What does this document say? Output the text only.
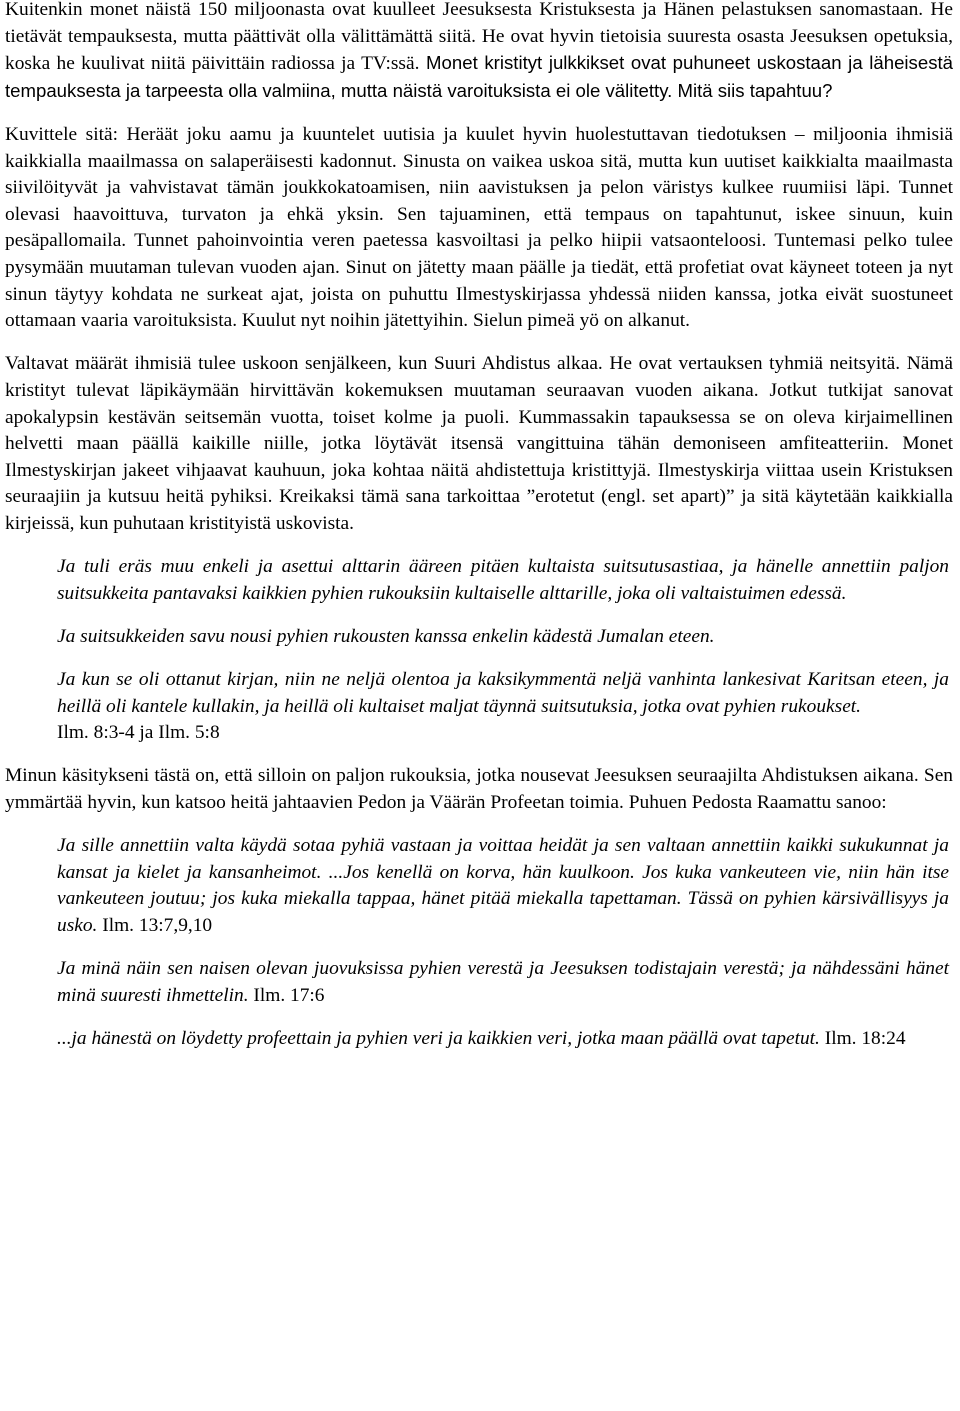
Kuitenkin monet näistä 150 miljoonasta ovat kuulleet Jeesuksesta Kristuksesta ja Hänen pelastuksen sanomastaan. He tietävät tempauksesta, mutta päättivät olla välittämättä siitä. He ovat hyvin tietoisia suuresta osasta Jeesuksen opetuksia, koska he kuulivat niitä päivittäin radiossa ja TV:ssä. Monet kristityt julkkikset ovat puhuneet uskostaan ja läheisestä tempauksesta ja tarpeesta olla valmiina, mutta näistä varoituksista ei ole välitetty. Mitä siis tapahtuu?

Kuvittele sitä: Heräät joku aamu ja kuuntelet uutisia ja kuulet hyvin huolestuttavan tiedotuksen – miljoonia ihmisiä kaikkialla maailmassa on salaperäisesti kadonnut. Sinusta on vaikea uskoa sitä, mutta kun uutiset kaikkialta maailmasta siivilöityvät ja vahvistavat tämän joukkokatoamisen, niin aavistuksen ja pelon väristys kulkee ruumiisi läpi. Tunnet olevasi haavoittuva, turvaton ja ehkä yksin. Sen tajuaminen, että tempaus on tapahtunut, iskee sinuun, kuin pesäpallomaila. Tunnet pahoinvointia veren paetessa kasvoiltasi ja pelko hiipii vatsaonteloosi. Tuntemasi pelko tulee pysymään muutaman tulevan vuoden ajan. Sinut on jätetty maan päälle ja tiedät, että profetiat ovat käyneet toteen ja nyt sinun täytyy kohdata ne surkeat ajat, joista on puhuttu Ilmestyskirjassa yhdessä niiden kanssa, jotka eivät suostuneet ottamaan vaaria varoituksista. Kuulut nyt noihin jätettyihin. Sielun pimeä yö on alkanut.

Valtavat määrät ihmisiä tulee uskoon senjälkeen, kun Suuri Ahdistus alkaa. He ovat vertauksen tyhmiä neitsyitä. Nämä kristityt tulevat läpikäymään hirvittävän kokemuksen muutaman seuraavan vuoden aikana. Jotkut tutkijat sanovat apokalypsin kestävän seitsemän vuotta, toiset kolme ja puoli. Kummassakin tapauksessa se on oleva kirjaimellinen helvetti maan päällä kaikille niille, jotka löytävät itsensä vangittuina tähän demoniseen amfiteatteriin. Monet Ilmestyskirjan jakeet vihjaavat kauhuun, joka kohtaa näitä ahdistettuja kristittyjä. Ilmestyskirja viittaa usein Kristuksen seuraajiin ja kutsuu heitä pyhiksi. Kreikaksi tämä sana tarkoittaa ”erotetut (engl. set apart)” ja sitä käytetään kaikkialla kirjeissä, kun puhutaan kristityistä uskovista.

Ja tuli eräs muu enkeli ja asettui alttarin ääreen pitäen kultaista suitsutusastiaa, ja hänelle annettiin paljon suitsukkeita pantavaksi kaikkien pyhien rukouksiin kultaiselle alttarille, joka oli valtaistuimen edessä.

Ja suitsukkeiden savu nousi pyhien rukousten kanssa enkelin kädestä Jumalan eteen.

Ja kun se oli ottanut kirjan, niin ne neljä olentoa ja kaksikymmentä neljä vanhinta lankesivat Karitsan eteen, ja heillä oli kantele kullakin, ja heillä oli kultaiset maljat täynnä suitsutuksia, jotka ovat pyhien rukoukset.

Ilm. 8:3-4 ja Ilm. 5:8

Minun käsitykseni tästä on, että silloin on paljon rukouksia, jotka nousevat Jeesuksen seuraajilta Ahdistuksen aikana. Sen ymmärtää hyvin, kun katsoo heitä jahtaavien Pedon ja Väärän Profeetan toimia. Puhuen Pedosta Raamattu sanoo:

Ja sille annettiin valta käydä sotaa pyhiä vastaan ja voittaa heidät ja sen valtaan annettiin kaikki sukukunnat ja kansat ja kielet ja kansanheimot. ...Jos kenellä on korva, hän kuulkoon. Jos kuka vankeuteen vie, niin hän itse vankeuteen joutuu; jos kuka miekalla tappaa, hänet pitää miekalla tapettaman. Tässä on pyhien kärsivällisyys ja usko. Ilm. 13:7,9,10

Ja minä näin sen naisen olevan juovuksissa pyhien verestä ja Jeesuksen todistajain verestä; ja nähdessäni hänet minä suuresti ihmettelin. Ilm. 17:6

...ja hänestä on löydetty profeettain ja pyhien veri ja kaikkien veri, jotka maan päällä ovat tapetut. Ilm. 18:24
